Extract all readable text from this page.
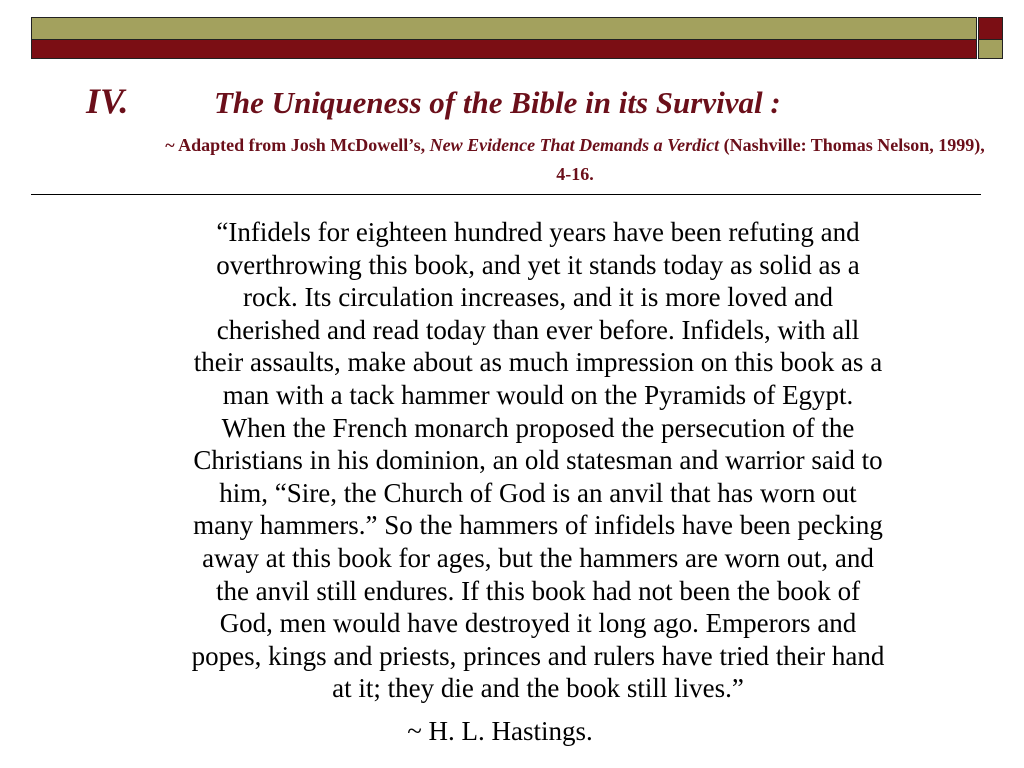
IV.	The Uniqueness of the Bible in its Survival :
~ Adapted from Josh McDowell’s, New Evidence That Demands a Verdict (Nashville: Thomas Nelson, 1999), 4-16.
“Infidels for eighteen hundred years have been refuting and
overthrowing this book, and yet it stands today as solid as a
rock. Its circulation increases, and it is more loved and
cherished and read today than ever before. Infidels, with all
their assaults, make about as much impression on this book as a
man with a tack hammer would on the Pyramids of Egypt.
When the French monarch proposed the persecution of the
Christians in his dominion, an old statesman and warrior said to
him, “Sire, the Church of God is an anvil that has worn out
many hammers.” So the hammers of infidels have been pecking
away at this book for ages, but the hammers are worn out, and
the anvil still endures. If this book had not been the book of
God, men would have destroyed it long ago. Emperors and
popes, kings and priests, princes and rulers have tried their hand
at it; they die and the book still lives.”
~ H. L. Hastings.
